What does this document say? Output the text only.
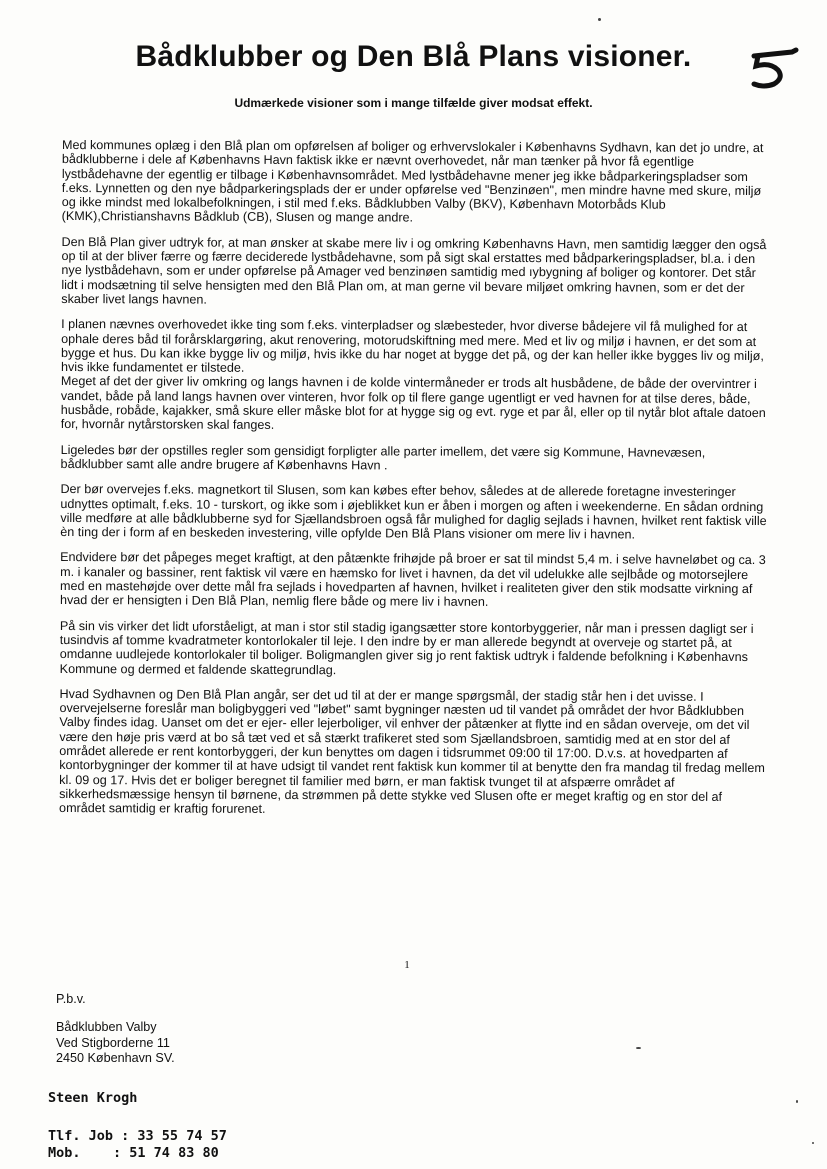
Bådklubber og Den Blå Plans visioner.
Udmærkede visioner som i mange tilfælde giver modsat effekt.

Med kommunes oplæg i den Blå plan om opførelsen af boliger og erhvervslokaler i Københavns Sydhavn, kan det jo undre, at bådklubberne i dele af Københavns Havn faktisk ikke er nævnt overhovedet, når man tænker på hvor få egentlige lystbådehavne der egentlig er tilbage i Københavnsområdet. Med lystbådehavne mener jeg ikke bådparkeringspladser som f.eks. Lynnetten og den nye bådparkeringsplads der er under opførelse ved "Benzinøen", men mindre havne med skure, miljø og ikke mindst med lokalbefolkningen, i stil med f.eks. Bådklubben Valby (BKV), København Motorbåds Klub (KMK),Christianshavns Bådklub (CB), Slusen og mange andre.

Den Blå Plan giver udtryk for, at man ønsker at skabe mere liv i og omkring Københavns Havn, men samtidig lægger den også op til at der bliver færre og færre deciderede lystbådehavne, som på sigt skal erstattes med bådparkeringspladser, bl.a. i den nye lystbådehavn, som er under opførelse på Amager ved benzinøen samtidig med ıybygning af boliger og kontorer. Det står lidt i modsætning til selve hensigten med den Blå Plan om, at man gerne vil bevare miljøet omkring havnen, som er det der skaber livet langs havnen.

I planen nævnes overhovedet ikke ting som f.eks. vinterpladser og slæbesteder, hvor diverse bådejere vil få mulighed for at ophale deres båd til forårsklargøring, akut renovering, motorudskiftning med mere. Med et liv og miljø i havnen, er det som at bygge et hus. Du kan ikke bygge liv og miljø, hvis ikke du har noget at bygge det på, og der kan heller ikke bygges liv og miljø, hvis ikke fundamentet er tilstede.

Meget af det der giver liv omkring og langs havnen i de kolde vintermåneder er trods alt husbådene, de både der overvintrer i vandet, både på land langs havnen over vinteren, hvor folk op til flere gange ugentligt er ved havnen for at tilse deres, både, husbåde, robåde, kajakker, små skure eller måske blot for at hygge sig og evt. ryge et par ål, eller op til nytår blot aftale datoen for, hvornår nytårstorsken skal fanges.

Ligeledes bør der opstilles regler som gensidigt forpligter alle parter imellem, det være sig Kommune, Havnevæsen, bådklubber samt alle andre brugere af Københavns Havn .

Der bør overvejes f.eks. magnetkort til Slusen, som kan købes efter behov, således at de allerede foretagne investeringer udnyttes optimalt, f.eks. 10 - turskort, og ikke som i øjeblikket kun er åben i morgen og aften i weekenderne. En sådan ordning ville medføre at alle bådklubberne syd for Sjællandsbroen også får mulighed for daglig sejlads i havnen, hvilket rent faktisk ville èn ting der i form af en beskeden investering, ville opfylde Den Blå Plans visioner om mere liv i havnen.

Endvidere bør det påpeges meget kraftigt, at den påtænkte frihøjde på broer er sat til mindst 5,4 m. i selve havneløbet og ca. 3 m. i kanaler og bassiner, rent faktisk vil være en hæmsko for livet i havnen, da det vil udelukke alle sejlbåde og motorsejlere med en mastehøjde over dette mål fra sejlads i hovedparten af havnen, hvilket i realiteten giver den stik modsatte virkning af hvad der er hensigten i Den Blå Plan, nemlig flere både og mere liv i havnen.

På sin vis virker det lidt uforståeligt, at man i stor stil stadig igangsætter store kontorbyggerier, når man i pressen dagligt ser i tusindvis af tomme kvadratmeter kontorlokaler til leje. I den indre by er man allerede begyndt at overveje og startet på, at omdanne uudlejede kontorlokaler til boliger. Boligmanglen giver sig jo rent faktisk udtryk i faldende befolkning i Københavns Kommune og dermed et faldende skattegrundlag.

Hvad Sydhavnen og Den Blå Plan angår, ser det ud til at der er mange spørgsmål, der stadig står hen i det uvisse. I overvejelserne foreslår man boligbyggeri ved "løbet" samt bygninger næsten ud til vandet på området der hvor Bådklubben Valby findes idag. Uanset om det er ejer- eller lejerboliger, vil enhver der påtænker at flytte ind en sådan overveje, om det vil være den høje pris værd at bo så tæt ved et så stærkt trafikeret sted som Sjællandsbroen, samtidig med at en stor del af området allerede er rent kontorbyggeri, der kun benyttes om dagen i tidsrummet 09:00 til 17:00. D.v.s. at hovedparten af kontorbygninger der kommer til at have udsigt til vandet rent faktisk kun kommer til at benytte den fra mandag til fredag mellem kl. 09 og 17. Hvis det er boliger beregnet til familier med børn, er man faktisk tvunget til at afspærre området af sikkerhedsmæssige hensyn til børnene, da strømmen på dette stykke ved Slusen ofte er meget kraftig og en stor del af området samtidig er kraftig forurenet.

1
P.b.v.
Bådklubben Valby
Ved Stigborderne 11
2450 København SV.
Steen Krogh
Tlf. Job : 33 55 74 57
Mob.    : 51 74 83 80
